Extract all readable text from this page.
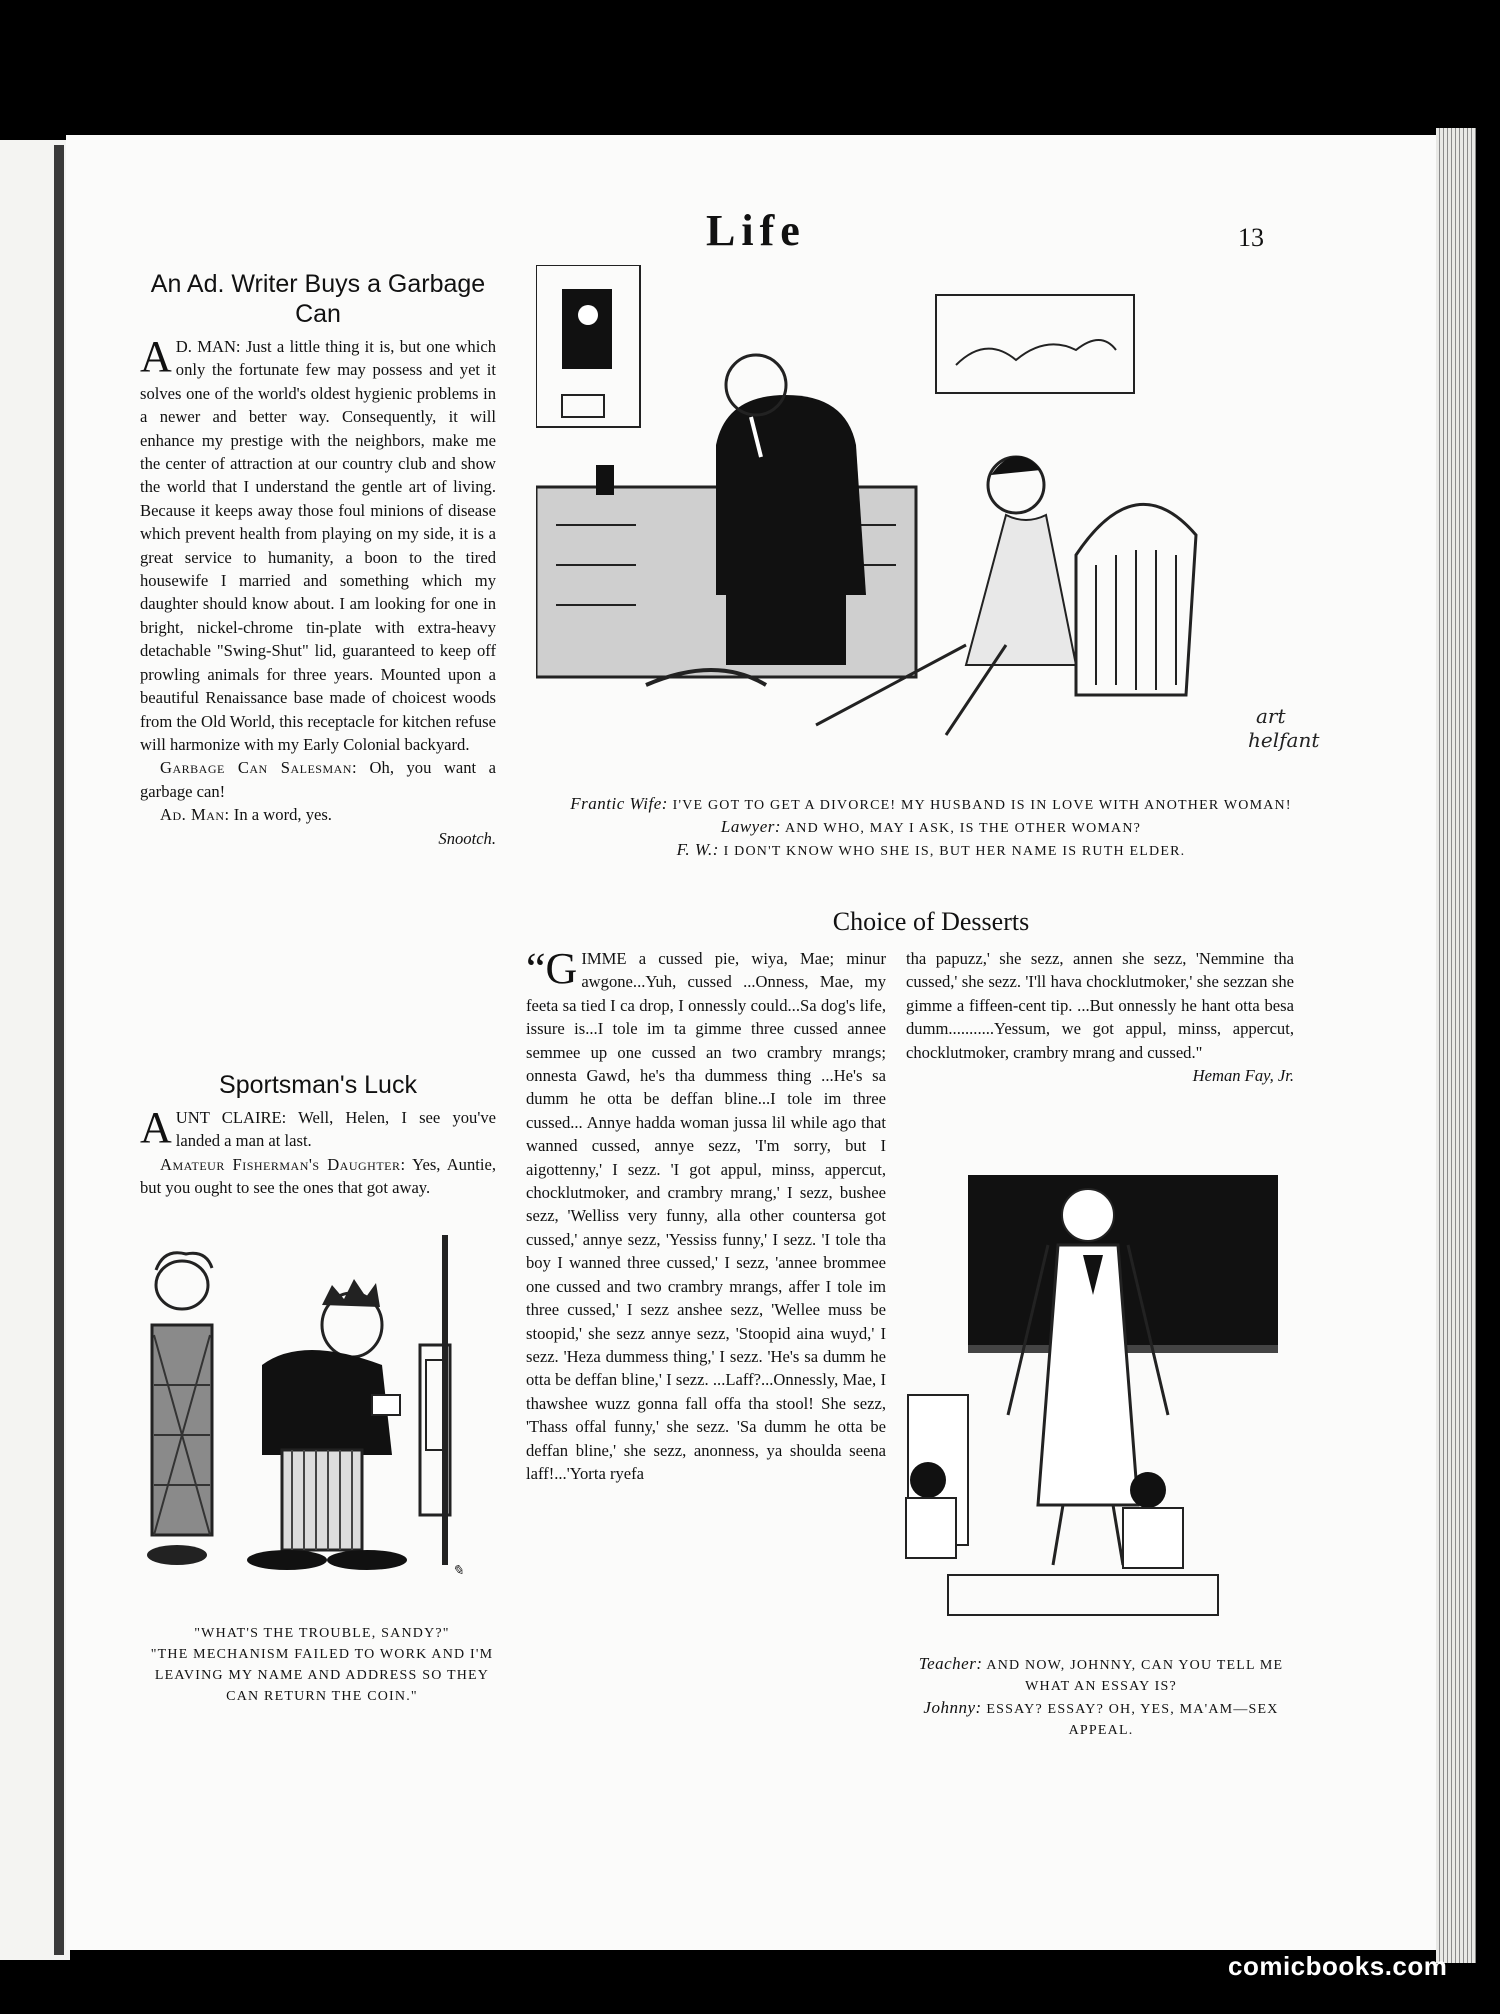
Life	13
An Ad. Writer Buys a Garbage Can

A D. MAN: Just a little thing it is, but one which only the fortunate few may possess and yet it solves one of the world's oldest hygienic problems in a newer and better way. Consequently, it will enhance my prestige with the neighbors, make me the center of attraction at our country club and show the world that I understand the gentle art of living. Because it keeps away those foul minions of disease which prevent health from playing on my side, it is a great service to humanity, a boon to the tired housewife I married and something which my daughter should know about. I am looking for one in bright, nickel-chrome tin-plate with extra-heavy detachable "Swing-Shut" lid, guaranteed to keep off prowling animals for three years. Mounted upon a beautiful Renaissance base made of choicest woods from the Old World, this receptacle for kitchen refuse will harmonize with my Early Colonial backyard.

Garbage Can Salesman: Oh, you want a garbage can!

Ad. Man: In a word, yes.

Snootch.

Sportsman's Luck

AUNT CLAIRE: Well, Helen, I see you've landed a man at last.

Amateur Fisherman's Daughter: Yes, Auntie, but you ought to see the ones that got away.

✎
"WHAT'S THE TROUBLE, SANDY?"
"THE MECHANISM FAILED TO WORK AND I'M LEAVING MY NAME AND ADDRESS SO THEY CAN RETURN THE COIN."
art
helfant
Frantic Wife: I'VE GOT TO GET A DIVORCE! MY HUSBAND IS IN LOVE WITH ANOTHER WOMAN!
Lawyer: AND WHO, MAY I ASK, IS THE OTHER WOMAN?
F. W.: I DON'T KNOW WHO SHE IS, BUT HER NAME IS RUTH ELDER.
Choice of Desserts

“GIMME a cussed pie, wiya, Mae; minur awgone...Yuh, cussed ...Onness, Mae, my feeta sa tied I ca drop, I onnessly could...Sa dog's life, issure is...I tole im ta gimme three cussed annee semmee up one cussed an two crambry mrangs; onnesta Gawd, he's tha dummess thing ...He's sa dumm he otta be deffan bline...I tole im three cussed... Annye hadda woman jussa lil while ago that wanned cussed, annye sezz, 'I'm sorry, but I aigottenny,' I sezz. 'I got appul, minss, appercut, chocklutmoker, and crambry mrang,' I sezz, bushee sezz, 'Welliss very funny, alla other countersa got cussed,' annye sezz, 'Yessiss funny,' I sezz. 'I tole tha boy I wanned three cussed,' I sezz, 'annee brommee one cussed and two crambry mrangs, affer I tole im three cussed,' I sezz anshee sezz, 'Wellee muss be stoopid,' she sezz annye sezz, 'Stoopid aina wuyd,' I sezz. 'Heza dummess thing,' I sezz. 'He's sa dumm he otta be deffan bline,' I sezz. ...Laff?...Onnessly, Mae, I thawshee wuzz gonna fall offa tha stool! She sezz, 'Thass offal funny,' she sezz. 'Sa dumm he otta be deffan bline,' she sezz, anonness, ya shoulda seena laff!...'Yorta ryefa

tha papuzz,' she sezz, annen she sezz, 'Nemmine tha cussed,' she sezz. 'I'll hava chocklutmoker,' she sezzan she gimme a fiffeen-cent tip. ...But onnessly he hant otta besa dumm...........Yessum, we got appul, minss, appercut, chocklutmoker, crambry mrang and cussed."

Heman Fay, Jr.

Teacher: AND NOW, JOHNNY, CAN YOU TELL ME WHAT AN ESSAY IS?
Johnny: ESSAY? ESSAY? OH, YES, MA'AM—SEX APPEAL.
comicbooks.com
